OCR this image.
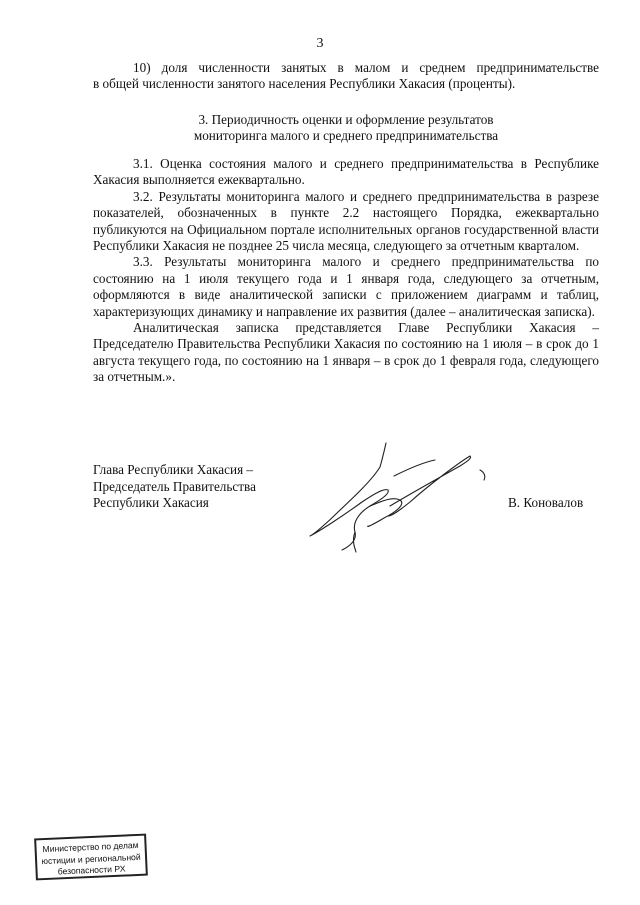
3
10) доля численности занятых в малом и среднем предпринимательстве
в общей численности занятого населения Республики Хакасия (проценты).
3. Периодичность оценки и оформление результатов
мониторинга малого и среднего предпринимательства

3.1. Оценка состояния малого и среднего предпринимательства в Республике Хакасия выполняется ежеквартально.

3.2. Результаты мониторинга малого и среднего предпринимательства в разрезе показателей, обозначенных в пункте 2.2 настоящего Порядка, ежеквартально публикуются на Официальном портале исполнительных органов государственной власти Республики Хакасия не позднее 25 числа месяца, следующего за отчетным кварталом.

3.3. Результаты мониторинга малого и среднего предпринимательства по состоянию на 1 июля текущего года и 1 января года, следующего за отчетным, оформляются в виде аналитической записки с приложением диаграмм и таблиц, характеризующих динамику и направление их развития (далее – аналитическая записка).

Аналитическая записка представляется Главе Республики Хакасия – Председателю Правительства Республики Хакасия по состоянию на 1 июля – в срок до 1 августа текущего года, по состоянию на 1 января – в срок до 1 февраля года, следующего за отчетным.».

Глава Республики Хакасия –
Председатель Правительства
Республики Хакасия	В. Коновалов
Министерство по делам
юстиции и региональной
безопасности РХ
